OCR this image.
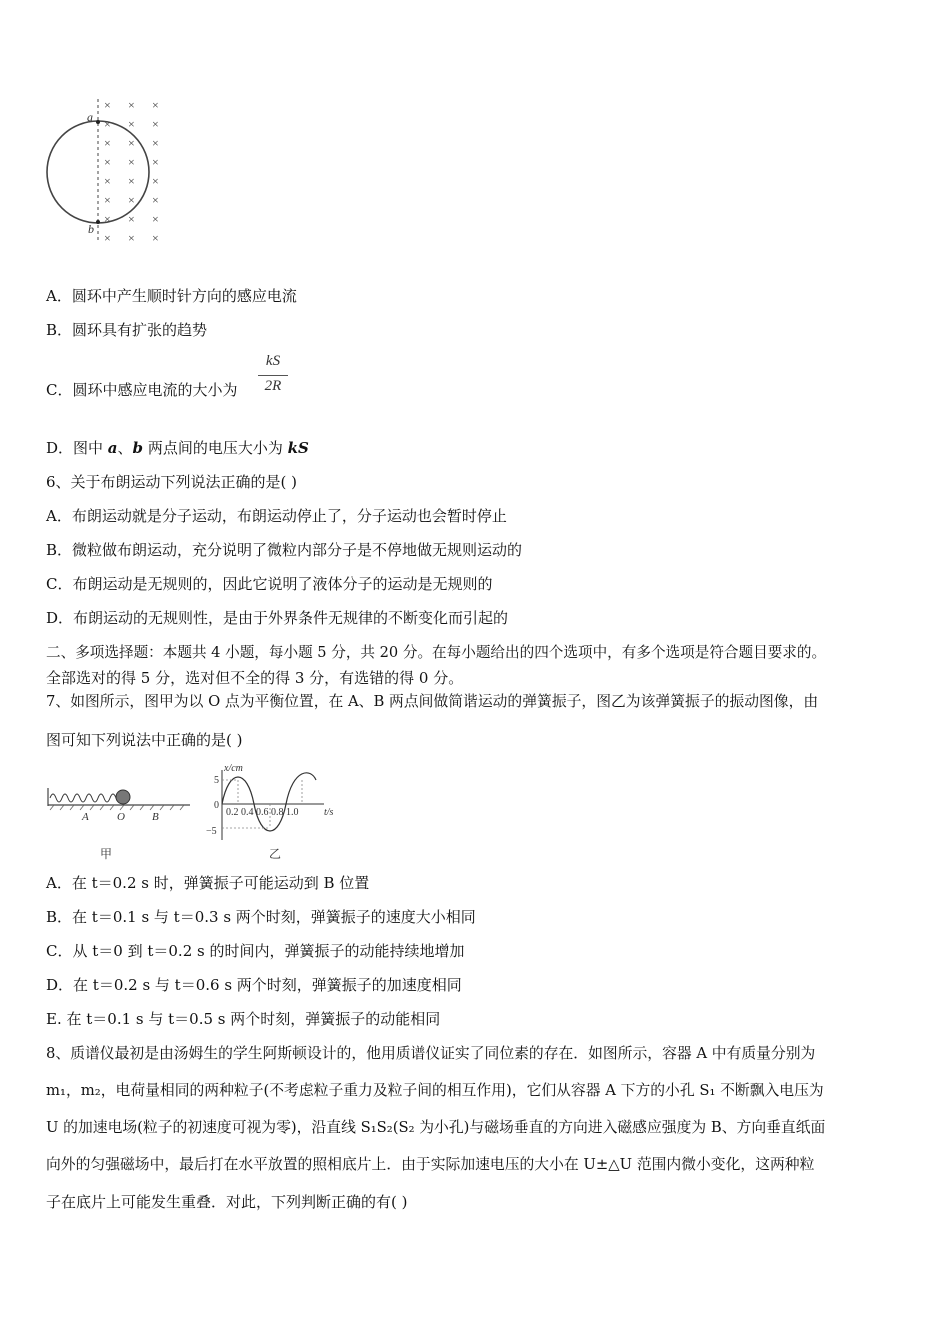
a
b
× × ×
× × ×
× × ×
× × ×
× × ×
× × ×
× × ×
× × ×
A．圆环中产生顺时针方向的感应电流
B．圆环具有扩张的趋势
C．圆环中感应电流的大小为
kS
2R
D．图中 a、b 两点间的电压大小为 kS
6、关于布朗运动下列说法正确的是( )
A．布朗运动就是分子运动，布朗运动停止了，分子运动也会暂时停止
B．微粒做布朗运动，充分说明了微粒内部分子是不停地做无规则运动的
C．布朗运动是无规则的，因此它说明了液体分子的运动是无规则的
D．布朗运动的无规则性，是由于外界条件无规律的不断变化而引起的
二、多项选择题：本题共 4 小题，每小题 5 分，共 20 分。在每小题给出的四个选项中，有多个选项是符合题目要求的。
全部选对的得 5 分，选对但不全的得 3 分，有选错的得 0 分。
7、如图所示，图甲为以 O 点为平衡位置，在 A、B 两点间做简谐运动的弹簧振子，图乙为该弹簧振子的振动图像，由
图可知下列说法中正确的是( )
A	O B
甲
x/cm
5
0
−5
0.2 0.4 0.6 0.8 1.0	t/s
乙
A．在 t＝0.2 s 时，弹簧振子可能运动到 B 位置
B．在 t＝0.1 s 与 t＝0.3 s 两个时刻，弹簧振子的速度大小相同
C．从 t＝0 到 t＝0.2 s 的时间内，弹簧振子的动能持续地增加
D．在 t＝0.2 s 与 t＝0.6 s 两个时刻，弹簧振子的加速度相同
E. 在 t＝0.1 s 与 t＝0.5 s 两个时刻，弹簧振子的动能相同
8、质谱仪最初是由汤姆生的学生阿斯顿设计的，他用质谱仪证实了同位素的存在．如图所示，容器 A 中有质量分别为
m₁，m₂，电荷量相同的两种粒子(不考虑粒子重力及粒子间的相互作用)，它们从容器 A 下方的小孔 S₁ 不断飘入电压为
U 的加速电场(粒子的初速度可视为零)，沿直线 S₁S₂(S₂ 为小孔)与磁场垂直的方向进入磁感应强度为 B、方向垂直纸面
向外的匀强磁场中，最后打在水平放置的照相底片上．由于实际加速电压的大小在 U±△U 范围内微小变化，这两种粒
子在底片上可能发生重叠．对此，下列判断正确的有( )
